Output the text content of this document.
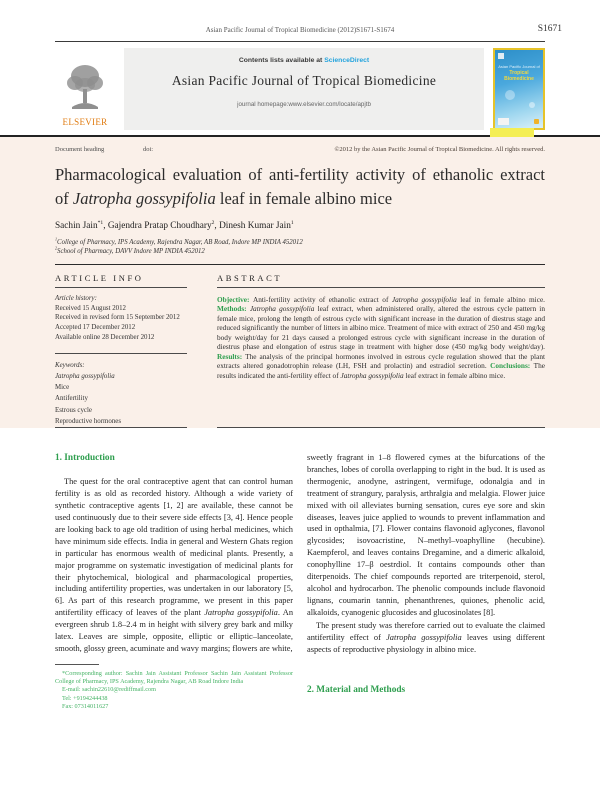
Asian Pacific Journal of Tropical Biomedicine (2012)S1671-S1674	S1671
ELSEVIER
Contents lists available at ScienceDirect
Asian Pacific Journal of Tropical Biomedicine
journal homepage:www.elsevier.com/locate/apjtb
Asian Pacific Journal of
Tropical Biomedicine
Document heading	doi:	©2012 by the Asian Pacific Journal of Tropical Biomedicine. All rights reserved.
Pharmacological evaluation of anti-fertility activity of ethanolic extract
of Jatropha gossypifolia leaf in female albino mice
Sachin Jain$^{*1}$, Gajendra Pratap Choudhary$^2$, Dinesh Kumar Jain$^1$
$^1$College of Pharmacy, IPS Academy, Rajendra Nagar, AB Road, Indore MP INDIA 452012
$^2$School of Pharmacy, DAVV Indore MP INDIA 452012
ARTICLE INFO
Article history:
Received 15 August 2012
Received in revised form 15 September 2012
Accepted 17 December 2012
Available online 28 December 2012
Keywords:
Jatropha gossypifolia
Mice
Antifertility
Estrous cycle
Reproductive hormones
ABSTRACT
Objective: Anti-fertility activity of ethanolic extract of Jatropha gossypifolia leaf in female albino mice. Methods: Jatropha gossypifolia leaf extract, when administered orally, altered the estrous cycle pattern in female mice, prolong the length of estrous cycle with significant increase in the duration of diestrus stage and reduced significantly the number of litters in albino mice. Treatment of mice with extract of 250 and 450 mg/kg body weight/day for 21 days caused a prolonged estrous cycle with significant increase in the duration of diestrus phase and elongation of estrus stage in treatment with higher dose (450 mg/kg body weight/day). Results: The analysis of the principal hormones involved in estrous cycle regulation showed that the plant extracts altered gonadotrophin release (LH, FSH and prolactin) and estradiol secretion. Conclusions: The results indicated the anti-fertility effect of Jatropha gossypifolia leaf extract in female albino mice.
1. Introduction
The quest for the oral contraceptive agent that can control human fertility is as old as recorded history. Although a wide variety of synthetic contraceptive agents [1, 2] are available, these cannot be used continuously due to their severe side effects [3, 4]. Hence people are looking back to age old tradition of using herbal medicines, which have minimum side effects. India in general and Western Ghats region in particular has enormous wealth of medicinal plants. Presently, a major programme on systematic investigation of medicinal plants for their phytochemical, biological and pharmacological properties, including antifertility properties, was undertaken in our laboratory [5, 6]. As part of this research programme, we present in this paper antifertility efficacy of leaves of the plant Jatropha gossypifolia. An evergreen shrub 1.8–2.4 m in height with silvery grey bark and milky latex. Leaves are simple, opposite, elliptic or elliptic–lanceolate, smooth, glossy green, acuminate and wavy margins; flowers are white,
*Corresponding author: Sachin Jain Assistant Professor Sachin Jain Assistant Professor College of Pharmacy, IPS Academy, Rajendra Nagar, AB Road Indore India
E-mail: sachin22610@rediffmail.com
Tel: +9194244438
Fax: 07314011627
sweetly fragrant in 1–8 flowered cymes at the bifurcations of the branches, lobes of corolla overlapping to right in the bud. It is used as thermogenic, anodyne, astringent, vermifuge, odonalgia and in treatment of strangury, paralysis, arthralgia and melalgia. Flower juice mixed with oil alleviates burning sensation, cures eye sore and skin diseases, leaves juice applied to wounds to prevent inflammation and used in opthalmia, [7]. Flower contains flavonoid aglycones, flavonol glycosides; isovoacristine, N–methyl–voaphylline (hecubine). Kaempferol, and leaves contains Dregamine, and a dimeric alkaloid, conophylline 17–β oestrdiol. It contains compounds other than diterpenoids. The chief compounds reported are triterpenoid, sterol, alcohol and hydrocarbon. The phenolic compounds include flavonoid lignans, coumarin tannin, phenanthrenes, quiones, phenolic acid, alkaloids, cyanogenic glucosides and glucosinolates [8].
The present study was therefore carried out to evaluate the claimed antifertility effect of Jatropha gossypifolia leaves using different aspects of reproductive physiology in albino mice.
2. Material and Methods
